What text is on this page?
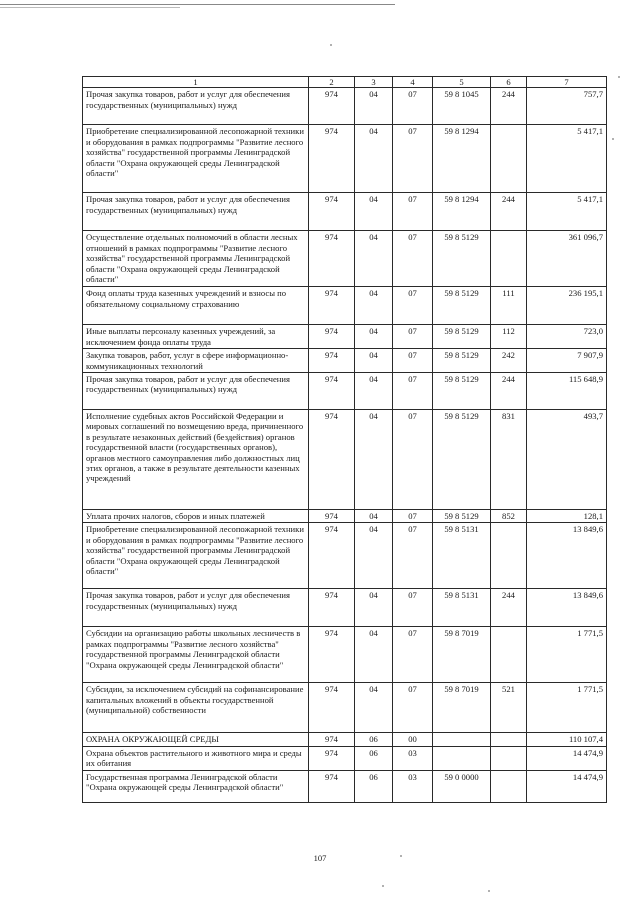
1	2	3	4	5	6	7
Прочая закупка товаров, работ и услуг для обеспечения государственных (муниципальных) нужд	974	04	07	59 8 1045	244	757,7
Приобретение специализированной лесопожарной техники и оборудования в рамках подпрограммы "Развитие лесного хозяйства" государственной программы Ленинградской области "Охрана окружающей среды Ленинградской области"	974	04	07	59 8 1294		5 417,1
Прочая закупка товаров, работ и услуг для обеспечения государственных (муниципальных) нужд	974	04	07	59 8 1294	244	5 417,1
Осуществление отдельных полномочий в области лесных отношений в рамках подпрограммы "Развитие лесного хозяйства" государственной программы Ленинградской области "Охрана окружающей среды Ленинградской области"	974	04	07	59 8 5129		361 096,7
Фонд оплаты труда казенных учреждений и взносы по обязательному социальному страхованию	974	04	07	59 8 5129	111	236 195,1
Иные выплаты персоналу казенных учреждений, за исключением фонда оплаты труда	974	04	07	59 8 5129	112	723,0
Закупка товаров, работ, услуг в сфере информационно-коммуникационных технологий	974	04	07	59 8 5129	242	7 907,9
Прочая закупка товаров, работ и услуг для обеспечения государственных (муниципальных) нужд	974	04	07	59 8 5129	244	115 648,9
Исполнение судебных актов Российской Федерации и мировых соглашений по возмещению вреда, причиненного в результате незаконных действий (бездействия) органов государственной власти (государственных органов), органов местного самоуправления либо должностных лиц этих органов, а также в результате деятельности казенных учреждений	974	04	07	59 8 5129	831	493,7
Уплата прочих налогов, сборов и иных платежей	974	04	07	59 8 5129	852	128,1
Приобретение специализированной лесопожарной техники и оборудования в рамках подпрограммы "Развитие лесного хозяйства" государственной программы Ленинградской области "Охрана окружающей среды Ленинградской области"	974	04	07	59 8 5131		13 849,6
Прочая закупка товаров, работ и услуг для обеспечения государственных (муниципальных) нужд	974	04	07	59 8 5131	244	13 849,6
Субсидии на организацию работы школьных лесничеств в рамках подпрограммы "Развитие лесного хозяйства" государственной программы Ленинградской области "Охрана окружающей среды Ленинградской области"	974	04	07	59 8 7019		1 771,5
Субсидии, за исключением субсидий на софинансирование капитальных вложений в объекты государственной (муниципальной) собственности	974	04	07	59 8 7019	521	1 771,5
ОХРАНА ОКРУЖАЮЩЕЙ СРЕДЫ	974	06	00			110 107,4
Охрана объектов растительного и животного мира и среды их обитания	974	06	03			14 474,9
Государственная программа Ленинградской области "Охрана окружающей среды Ленинградской области"	974	06	03	59 0 0000		14 474,9
107
